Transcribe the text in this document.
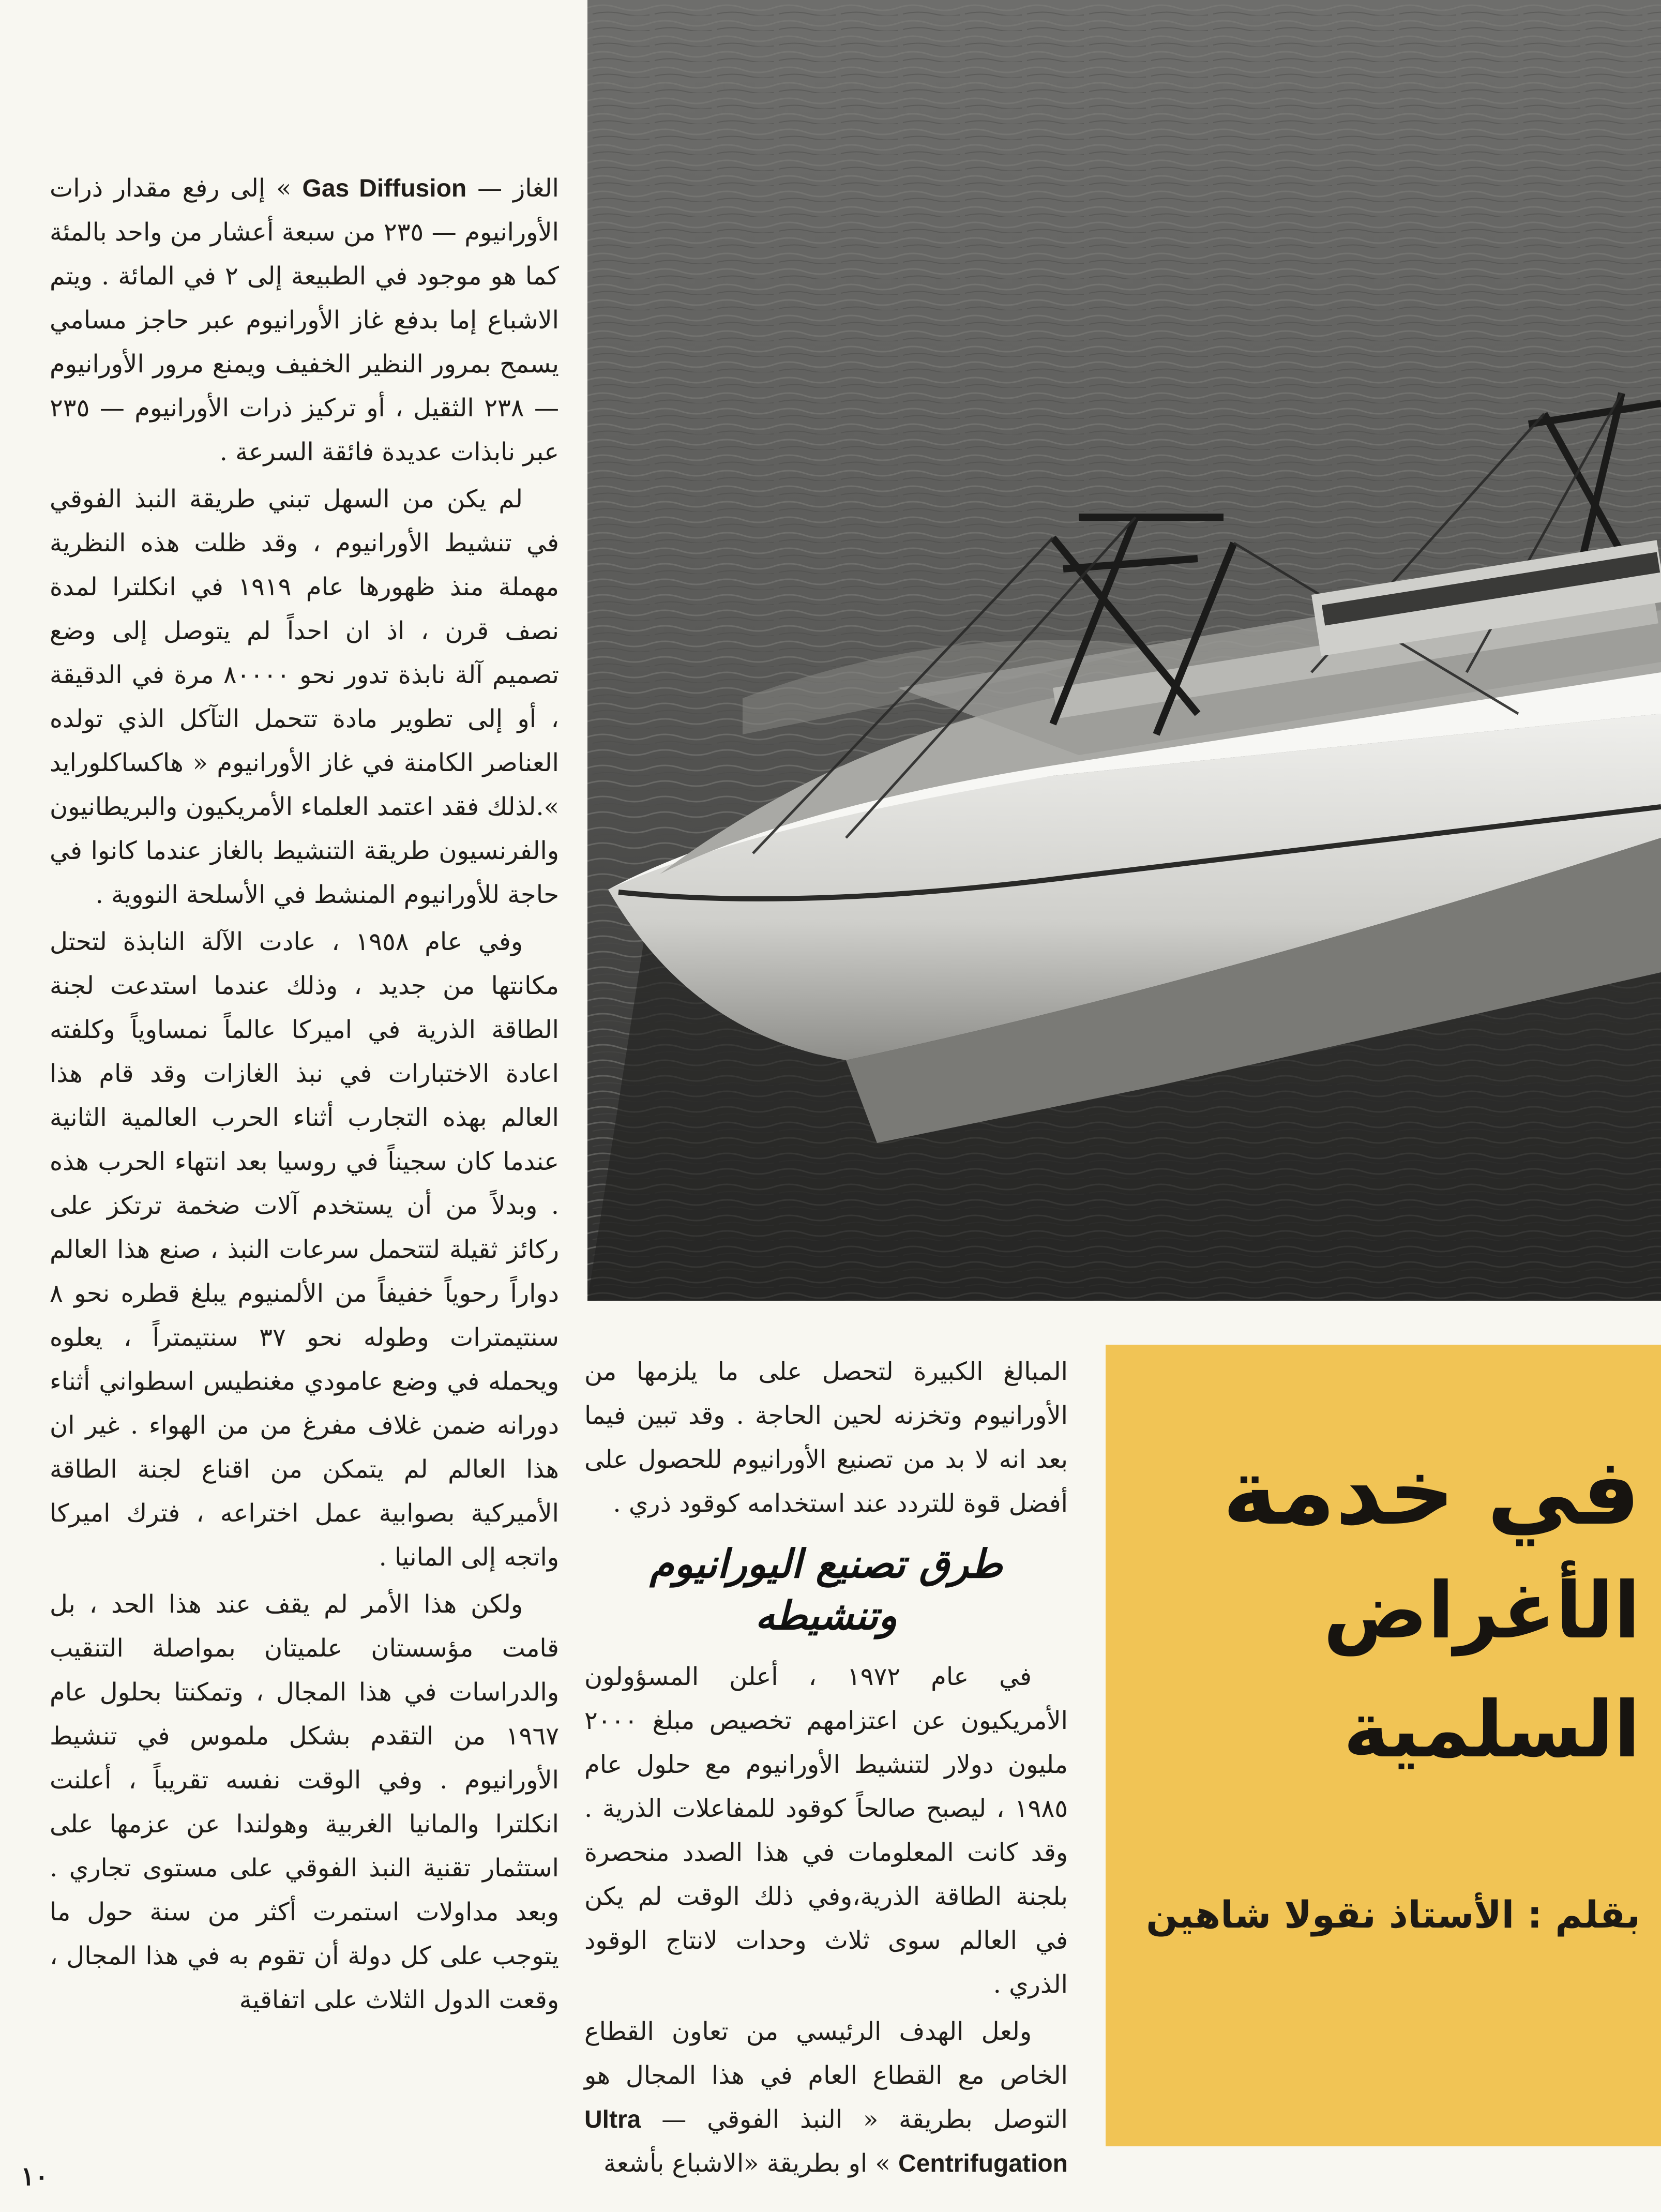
الغاز — Gas Diffusion » إلى رفع مقدار ذرات الأورانيوم — ٢٣٥ من سبعة أعشار من واحد بالمئة كما هو موجود في الطبيعة إلى ٢ في المائة . ويتم الاشباع إما بدفع غاز الأورانيوم عبر حاجز مسامي يسمح بمرور النظير الخفيف ويمنع مرور الأورانيوم — ٢٣٨ الثقيل ، أو تركيز ذرات الأورانيوم — ٢٣٥ عبر نابذات عديدة فائقة السرعة .

لم يكن من السهل تبني طريقة النبذ الفوقي في تنشيط الأورانيوم ، وقد ظلت هذه النظرية مهملة منذ ظهورها عام ١٩١٩ في انكلترا لمدة نصف قرن ، اذ ان احداً لم يتوصل إلى وضع تصميم آلة نابذة تدور نحو ٨٠٠٠٠ مرة في الدقيقة ، أو إلى تطوير مادة تتحمل التآكل الذي تولده العناصر الكامنة في غاز الأورانيوم « هاكساكلورايد ».لذلك فقد اعتمد العلماء الأمريكيون والبريطانيون والفرنسيون طريقة التنشيط بالغاز عندما كانوا في حاجة للأورانيوم المنشط في الأسلحة النووية .

وفي عام ١٩٥٨ ، عادت الآلة النابذة لتحتل مكانتها من جديد ، وذلك عندما استدعت لجنة الطاقة الذرية في اميركا عالماً نمساوياً وكلفته اعادة الاختبارات في نبذ الغازات وقد قام هذا العالم بهذه التجارب أثناء الحرب العالمية الثانية عندما كان سجيناً في روسيا بعد انتهاء الحرب هذه . وبدلاً من أن يستخدم آلات ضخمة ترتكز على ركائز ثقيلة لتتحمل سرعات النبذ ، صنع هذا العالم دواراً رحوياً خفيفاً من الألمنيوم يبلغ قطره نحو ٨ سنتيمترات وطوله نحو ٣٧ سنتيمتراً ، يعلوه ويحمله في وضع عامودي مغنطيس اسطواني أثناء دورانه ضمن غلاف مفرغ من من الهواء . غير ان هذا العالم لم يتمكن من اقناع لجنة الطاقة الأميركية بصوابية عمل اختراعه ، فترك اميركا واتجه إلى المانيا .

ولكن هذا الأمر لم يقف عند هذا الحد ، بل قامت مؤسستان علميتان بمواصلة التنقيب والدراسات في هذا المجال ، وتمكنتا بحلول عام ١٩٦٧ من التقدم بشكل ملموس في تنشيط الأورانيوم . وفي الوقت نفسه تقريباً ، أعلنت انكلترا والمانيا الغربية وهولندا عن عزمها على استثمار تقنية النبذ الفوقي على مستوى تجاري . وبعد مداولات استمرت أكثر من سنة حول ما يتوجب على كل دولة أن تقوم به في هذا المجال ، وقعت الدول الثلاث على اتفاقية

المبالغ الكبيرة لتحصل على ما يلزمها من الأورانيوم وتخزنه لحين الحاجة . وقد تبين فيما بعد انه لا بد من تصنيع الأورانيوم للحصول على أفضل قوة للتردد عند استخدامه كوقود ذري .

طرق تصنيع اليورانيوم وتنشيطه

في عام ١٩٧٢ ، أعلن المسؤولون الأمريكيون عن اعتزامهم تخصيص مبلغ ٢٠٠٠ مليون دولار لتنشيط الأورانيوم مع حلول عام ١٩٨٥ ، ليصبح صالحاً كوقود للمفاعلات الذرية . وقد كانت المعلومات في هذا الصدد منحصرة بلجنة الطاقة الذرية،وفي ذلك الوقت لم يكن في العالم سوى ثلاث وحدات لانتاج الوقود الذري .

ولعل الهدف الرئيسي من تعاون القطاع الخاص مع القطاع العام في هذا المجال هو التوصل بطريقة « النبذ الفوقي — Ultra Centrifugation » او بطريقة «الاشباع بأشعة

في خدمة
الأغراض السلمية
بقلم : الأستاذ نقولا شاهين
١٠
